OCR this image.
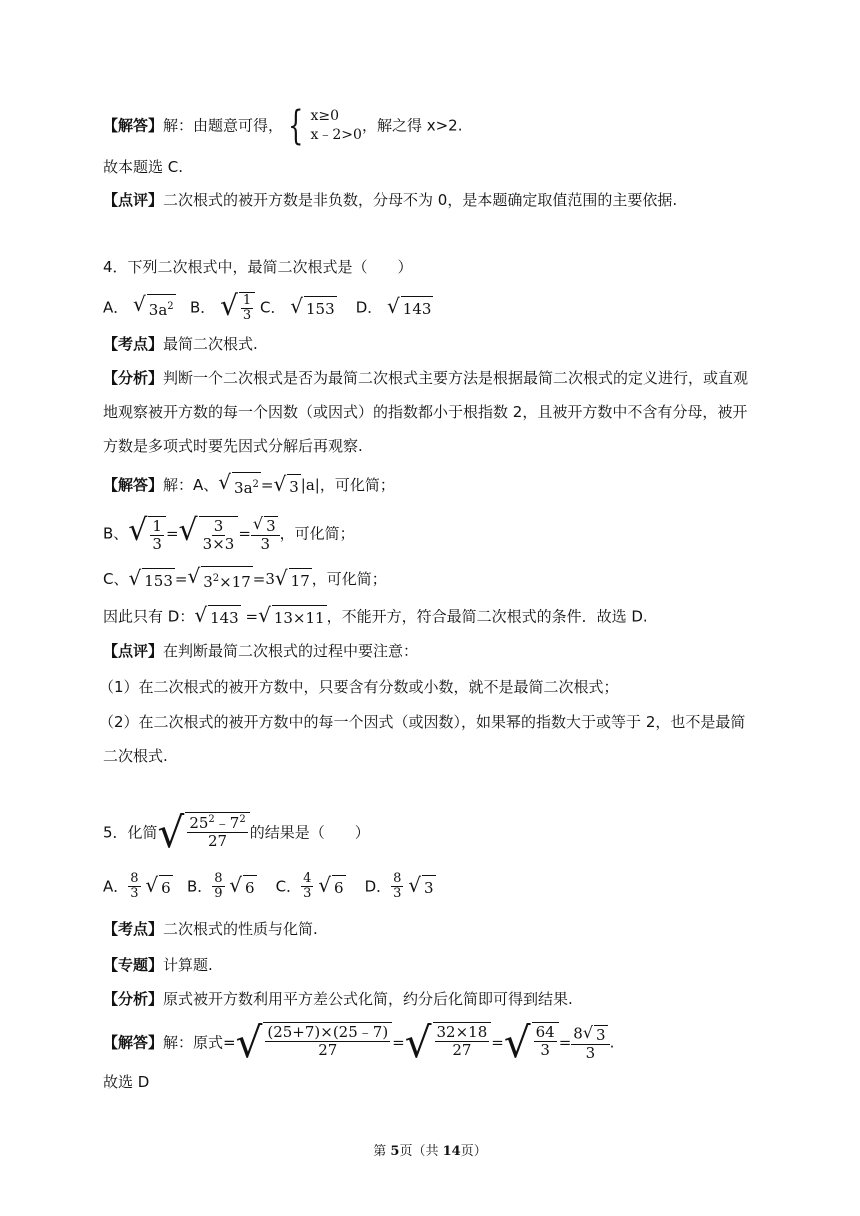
【解答】解：由题意可得， { x≥0
x﹣2>0
，解之得 x>2.
故本题选 C.
【点评】二次根式的被开方数是非负数，分母不为 0，是本题确定取值范围的主要依据.
4．下列二次根式中，最简二次根式是（　　）
A． √ $3a^2$ B． √ $\frac{1}{3}$ C． √ 153 D． √ 143
【考点】最简二次根式.
【分析】判断一个二次根式是否为最简二次根式主要方法是根据最简二次根式的定义进行，或直观
地观察被开方数的每一个因数（或因式）的指数都小于根指数 2，且被开方数中不含有分母，被开
方数是多项式时要先因式分解后再观察.
【解答】解：A、 √ $3a^2$ = √ 3 |a|，可化简；
B、 √ $\frac{1}{3}$ = √ $\frac{3}{3\times 3} = \frac{√ 3}{3}$ ，可化简；
C、 √ 153 = √ $3^2\times 17 =3$ √ 17 ，可化简；
因此只有 D： √ 143 = √ 13×11 ，不能开方，符合最简二次根式的条件．故选 D.
【点评】在判断最简二次根式的过程中要注意：
（1）在二次根式的被开方数中，只要含有分数或小数，就不是最简二次根式；
（2）在二次根式的被开方数中的每一个因式（或因数），如果幂的指数大于或等于 2，也不是最简
二次根式.
5．化简 √ $\frac{25^2﹣7^2}{27}$ 的结果是（　　）
A． $\frac{8}{3}$
√ 6 B． $\frac{8}{9}$
√ 6 C． $\frac{4}{3}$
√ 6 D． $\frac{8}{3}$
√ 3
【考点】二次根式的性质与化简.
【专题】计算题.
【分析】原式被开方数利用平方差公式化简，约分后化简即可得到结果.
【解答】解：原式= √ $\frac{(25+7)\times(25﹣7)}{27}$ = √ $\frac{32\times 18}{27}$ = √ $\frac{64}{3} = \frac{8 √ 3}{3}$ .
故选 D
第 5页（共 14页）
